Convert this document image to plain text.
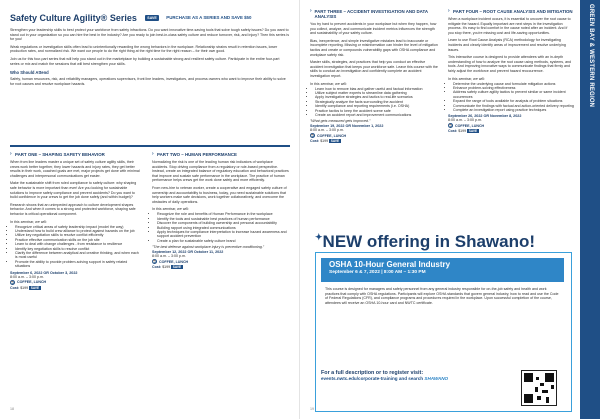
Safety Culture Agility® Series	SAVE PURCHASE AS A SERIES AND SAVE $50

Strengthen your leadership skills to best protect your workforce from safety infractions. Do you want innovative time-saving tools that solve tough safety issues? Do you want to stand out in your organization so you can hire the best in the industry? Are you ready to join best-in-class safety culture and reduce turnover, risk, and injury? Then this series is for you!

Weak regulations or investigation skills often lead to unintentionally rewarding the wrong behaviors in the workplace. Relationship strains result in retention issues, lower production rates, and normalized risk. We want our people to do the right thing at the right time for the right reason – for their own good.

Join us for this four-part series that will help you stand out in the marketplace by building a sustainable strong and resilient safety culture. Participate in the entire four-part series or mix and match the sessions that will best strengthen your skills.

Who Should Attend

Safety, human resources, risk, and reliability managers, operations supervisors, front line leaders, investigators, and process owners who want to improve their ability to solve for root causes and resolve workplace hazards.

› PART ONE – SHAPING SAFETY BEHAVIOR

When from line leaders master a unique set of safety culture agility skills, their crews work better together, they lower hazards and injury rates, they get better results in their work, coached goals are met, major projects get done with minimal challenges and interpersonal communications get easier.

Make the sustainable shift from ruled compliance to safety culture: why shaping safe behavior is more important than ever! Are you looking for sustainable solutions to improve safety compliance and prevent accidents? Do you want to build confidence in your crews to get the job done safely (and within budget)?

Research shows that an unimpeded approach to culture development shapes behavior. And when it comes to a strong and protected workforce, shaping safe behavior is critical operational component.

In this seminar, we will:
• Recognize critical areas of safety leadership impact (model the way)
• Understand how to build crew alliance to protect against hazards on the job
• Utilize key negotiation skills to resolve conflict efficiently
• Practice effective communication skills on the job site
• Learn to deal with change challenges - from resistance to resilience
• Identify key negotiation skills to resolve conflict
• Clarify the difference between analytical and creative thinking, and when each is most useful
• Promote the ability to provide problem-solving support in safety related situations
September 6, 2022 OR October 3, 2022
8:00 a.m. – 3:00 p.m.
☕ COFFEE, LUNCH
Cost: $199 SAVE
› PART TWO – HUMAN PERFORMANCE

Normalizing the risk is one of the leading human risk indicators of workplace accidents. Stop driving compliance from a regulatory or rule-based perspective. Instead, create an integrated balance of regulatory education and behavioral practices that improve and sustain safe performance in the workplace. The practice of human performance helps crews get the work done safely and more efficiently.

From new-hire to veteran worker, create a cooperative and engaged safety culture of ownership and accountability to business, today, you need sustainable solutions that help workers make safe decisions, work together collaboratively, and overcome the obstacles of daily operations.

In this seminar, we will:
• Recognize the role and benefits of Human Performance in the workplace
• Identify the tools and sustainable best practices of human performance
• Discover the components of building ownership and personal accountability
• Building rapport using integrated communications
• Apply techniques for compliance interpretation to increase hazard awareness and support accident prevention
• Create a plan for sustainable safety culture brand
"The best defense against workplace injury is preventive conditioning."
September 12, 2022 OR October 11, 2022
8:00 a.m. – 3:00 p.m.
☕ COFFEE, LUNCH
Cost: $199 SAVE
18
› PART THREE – ACCIDENT INVESTIGATION AND DATA ANALYSIS

You try hard to prevent accidents in your workplace but when they happen, how you collect, analyze, and communicate incident metrics influences the strength and sustainability of your safety culture.

Bias, inexperience, and simple investigative mistakes lead to inaccurate or incomplete reporting. Missing or misinformation can hinder the level of mitigation tactics and create or compounds vulnerability gaps with OSHA compliance and workplace safety risk.

Master skills, strategies, and practices that help you conduct an effective accident investigation that keeps your workforce safe. Leave this course with the skills to conduct an investigation and confidently complete an accident investigation report.

In this seminar, we will:
• Learn how to remove bias and gather useful and factual information
• Utilize subject matter experts to streamline data gathering
• Apply investigative strategies and tactics to real-life scenarios
• Strategically analyze the facts surrounding the accident
• Identify compliance and reporting requirements (i.e. OSHA)
• Practice tactics to keep the accident scene safe
• Create an accident report and improvement communications
"What gets measured gets improved."
September 19, 2022 OR November 1, 2022
8:00 a.m. – 3:00 p.m.
☕ COFFEE, LUNCH
Cost: $199 SAVE
› PART FOUR – ROOT CAUSE ANALYSIS AND MITIGATION

When a workplace incident occurs, it is essential to uncover the root cause to mitigate the hazard. Equally important are next steps in the investigation process. It's easy to find comfort in the cause noted after an incident. And if you stop there, you're missing cost and life-saving opportunities.

Learn to use Root Cause Analysis (RCA) methodology for investigating incidents and clearly identify areas of improvement and resolve underlying issues.

This interactive course is designed to provide attendees with an in-depth understanding of how to analyze the root cause using methods, systems, and tools. And improving innovative ways to communicate findings that firmly and fairly adjust the workforce and prevent hazard reoccurrence.

In this seminar, we will:
• Determine the underlying cause and formulate mitigation actions
• Enhance problem-solving effectiveness
• Address safety culture agility tactics to prevent similar or same incident occurrences
• Expand the range of tools available for analysis of problem situations
• Communicate the findings with factual and action-oriented delivery reporting
• Complete an investigation report using practice techniques
September 26, 2022 OR November 8, 2022
8:00 a.m. – 3:00 p.m.
☕ COFFEE, LUNCH
Cost: $199 SAVE
19
GREEN BAY & WESTERN REGION
✦NEW offering in Shawano!
OSHA 10-Hour General Industry
September 6 & 7, 2022 | 8:00 AM – 1:30 PM

This course is designed for managers and safety personnel from any general industry responsible for on-the-job safety and health and work practices that comply with OSHA regulations. Participants will explore OSHA standards that govern general industry, how to read and use the Code of Federal Regulations (CFR), and compliance programs and procedures required in the workplace. Upon successful completion of the course, attendees will receive an OSHA 10-hour card and NWTC certificate.

For a full description or to register visit:

events.nwtc.edu/corporate-training and search SHAWANO
